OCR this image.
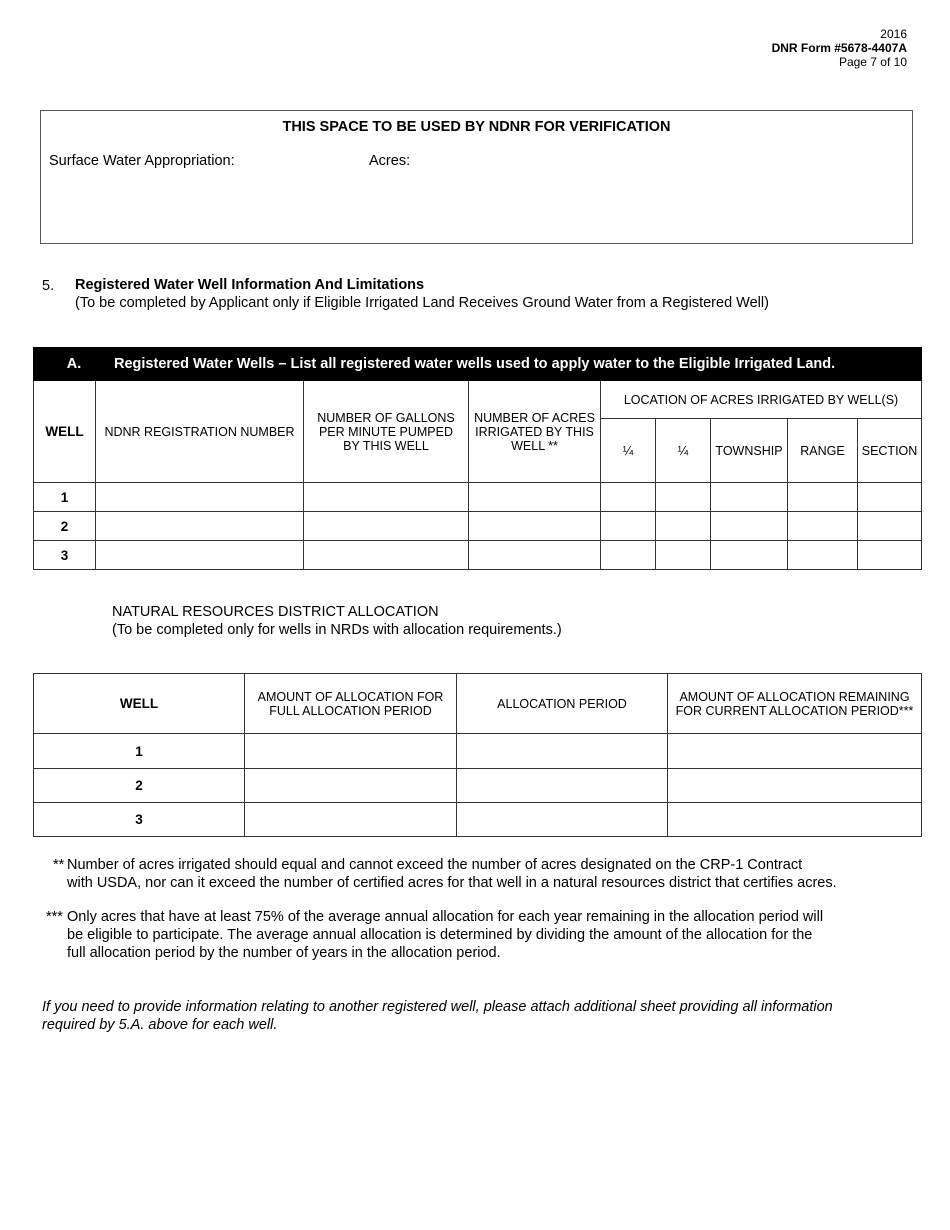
2016
DNR Form #5678-4407A
Page 7 of 10
THIS SPACE TO BE USED BY NDNR FOR VERIFICATION
Surface Water Appropriation:	Acres:
5. Registered Water Well Information And Limitations
(To be completed by Applicant only if Eligible Irrigated Land Receives Ground Water from a Registered Well)
A. Registered Water Wells – List all registered water wells used to apply water to the Eligible Irrigated Land.								
WELL	NDNR REGISTRATION NUMBER	NUMBER OF GALLONS PER MINUTE PUMPED BY THIS WELL	NUMBER OF ACRES IRRIGATED BY THIS WELL **	LOCATION OF ACRES IRRIGATED BY WELL(S)				
				¼	¼	TOWNSHIP	RANGE	SECTION
1								
2								
3								
NATURAL RESOURCES DISTRICT ALLOCATION
(To be completed only for wells in NRDs with allocation requirements.)
WELL	AMOUNT OF ALLOCATION FOR FULL ALLOCATION PERIOD	ALLOCATION PERIOD	AMOUNT OF ALLOCATION REMAINING FOR CURRENT ALLOCATION PERIOD***
1			
2			
3			
** Number of acres irrigated should equal and cannot exceed the number of acres designated on the CRP-1 Contract
with USDA, nor can it exceed the number of certified acres for that well in a natural resources district that certifies acres.
*** Only acres that have at least 75% of the average annual allocation for each year remaining in the allocation period will
be eligible to participate. The average annual allocation is determined by dividing the amount of the allocation for the
full allocation period by the number of years in the allocation period.
If you need to provide information relating to another registered well, please attach additional sheet providing all information
required by 5.A. above for each well.
